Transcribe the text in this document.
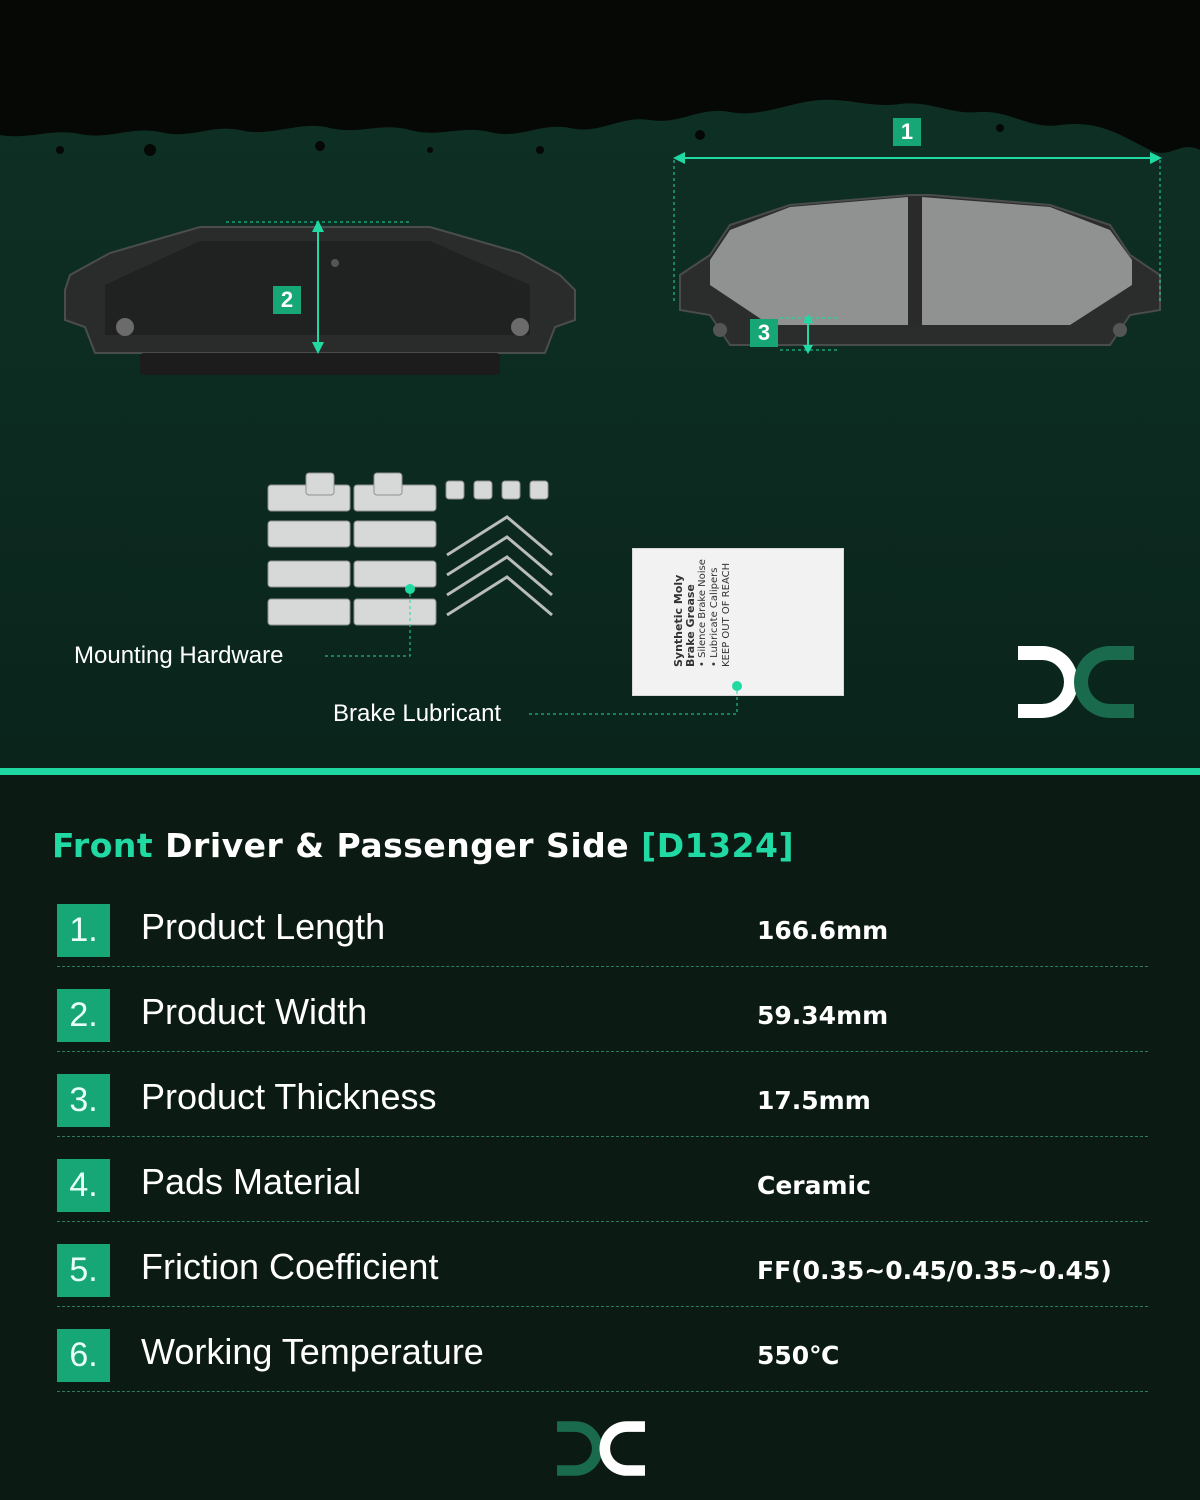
2
1
3
Mounting Hardware	Synthetic Moly Brake Grease • Silence Brake Noise
• Lubricate Calipers
KEEP OUT OF REACH
Brake Lubricant
Front Driver & Passenger Side [D1324]
1.	Product Length	166.6mm
2.	Product Width	59.34mm
3.	Product Thickness	17.5mm
4.	Pads Material	Ceramic
5.	Friction Coefficient	FF(0.35~0.45/0.35~0.45)
6.	Working Temperature	550℃
